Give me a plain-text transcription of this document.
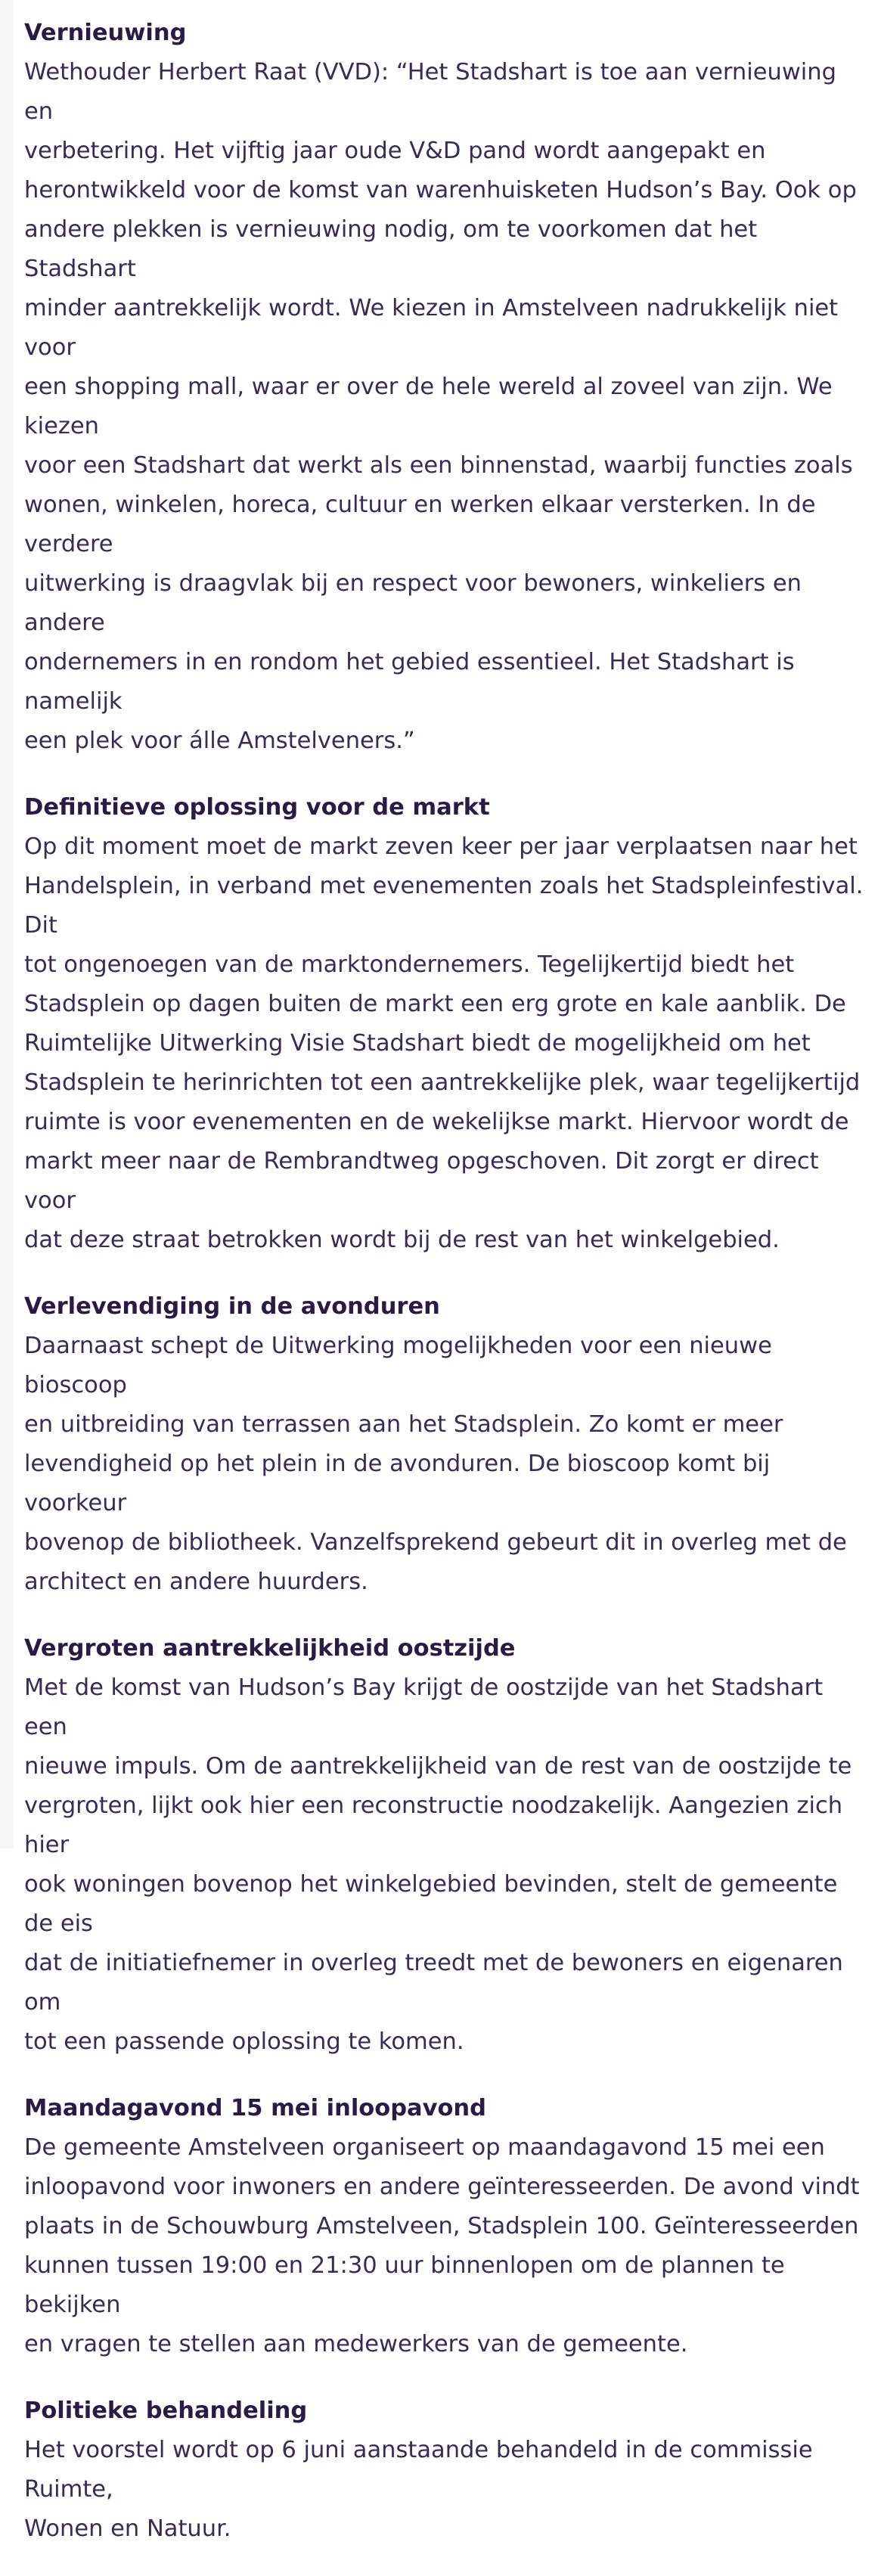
Vernieuwing

Wethouder Herbert Raat (VVD): “Het Stadshart is toe aan vernieuwing en
verbetering. Het vijftig jaar oude V&D pand wordt aangepakt en
herontwikkeld voor de komst van warenhuisketen Hudson’s Bay. Ook op
andere plekken is vernieuwing nodig, om te voorkomen dat het Stadshart
minder aantrekkelijk wordt. We kiezen in Amstelveen nadrukkelijk niet voor
een shopping mall, waar er over de hele wereld al zoveel van zijn. We kiezen
voor een Stadshart dat werkt als een binnenstad, waarbij functies zoals
wonen, winkelen, horeca, cultuur en werken elkaar versterken. In de verdere
uitwerking is draagvlak bij en respect voor bewoners, winkeliers en andere
ondernemers in en rondom het gebied essentieel. Het Stadshart is namelijk
een plek voor álle Amstelveners.”

Definitieve oplossing voor de markt

Op dit moment moet de markt zeven keer per jaar verplaatsen naar het
Handelsplein, in verband met evenementen zoals het Stadspleinfestival. Dit
tot ongenoegen van de marktondernemers. Tegelijkertijd biedt het
Stadsplein op dagen buiten de markt een erg grote en kale aanblik. De
Ruimtelijke Uitwerking Visie Stadshart biedt de mogelijkheid om het
Stadsplein te herinrichten tot een aantrekkelijke plek, waar tegelijkertijd
ruimte is voor evenementen en de wekelijkse markt. Hiervoor wordt de
markt meer naar de Rembrandtweg opgeschoven. Dit zorgt er direct voor
dat deze straat betrokken wordt bij de rest van het winkelgebied.

Verlevendiging in de avonduren

Daarnaast schept de Uitwerking mogelijkheden voor een nieuwe bioscoop
en uitbreiding van terrassen aan het Stadsplein. Zo komt er meer
levendigheid op het plein in de avonduren. De bioscoop komt bij voorkeur
bovenop de bibliotheek. Vanzelfsprekend gebeurt dit in overleg met de
architect en andere huurders.

Vergroten aantrekkelijkheid oostzijde

Met de komst van Hudson’s Bay krijgt de oostzijde van het Stadshart een
nieuwe impuls. Om de aantrekkelijkheid van de rest van de oostzijde te
vergroten, lijkt ook hier een reconstructie noodzakelijk. Aangezien zich hier
ook woningen bovenop het winkelgebied bevinden, stelt de gemeente de eis
dat de initiatiefnemer in overleg treedt met de bewoners en eigenaren om
tot een passende oplossing te komen.

Maandagavond 15 mei inloopavond

De gemeente Amstelveen organiseert op maandagavond 15 mei een
inloopavond voor inwoners en andere geïnteresseerden. De avond vindt
plaats in de Schouwburg Amstelveen, Stadsplein 100. Geïnteresseerden
kunnen tussen 19:00 en 21:30 uur binnenlopen om de plannen te bekijken
en vragen te stellen aan medewerkers van de gemeente.

Politieke behandeling

Het voorstel wordt op 6 juni aanstaande behandeld in de commissie Ruimte,
Wonen en Natuur.
